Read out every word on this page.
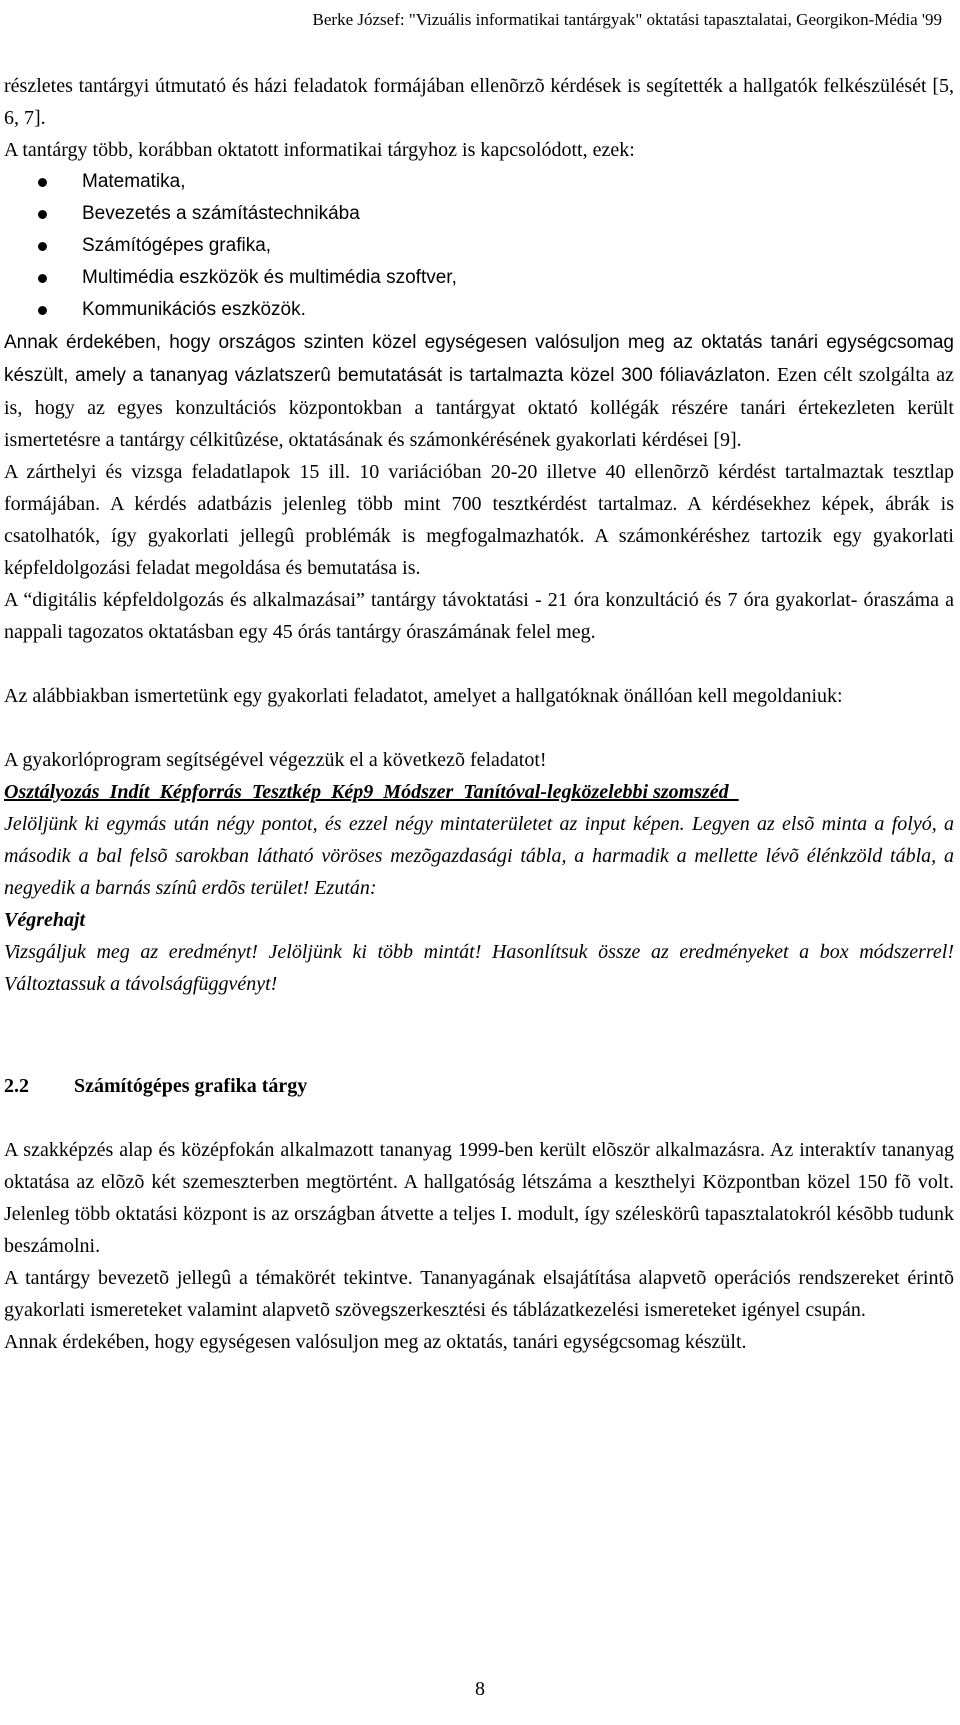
Berke József: "Vizuális informatikai tantárgyak" oktatási tapasztalatai, Georgikon-Média '99

részletes tantárgyi útmutató és házi feladatok formájában ellenõrzõ kérdések is segítették a hallgatók felkészülését [5, 6, 7].

A tantárgy több, korábban oktatott informatikai tárgyhoz is kapcsolódott, ezek:

Matematika,
Bevezetés a számítástechnikába
Számítógépes grafika,
Multimédia eszközök és multimédia szoftver,
Kommunikációs eszközök.

Annak érdekében, hogy országos szinten közel egységesen valósuljon meg az oktatás tanári egységcsomag készült, amely a tananyag vázlatszerû bemutatását is tartalmazta közel 300 fóliavázlaton. Ezen célt szolgálta az is, hogy az egyes konzultációs központokban a tantárgyat oktató kollégák részére tanári értekezleten került ismertetésre a tantárgy célkitûzése, oktatásának és számonkérésének gyakorlati kérdései [9].

A zárthelyi és vizsga feladatlapok 15 ill. 10 variációban 20-20 illetve 40 ellenõrzõ kérdést tartalmaztak tesztlap formájában. A kérdés adatbázis jelenleg több mint 700 tesztkérdést tartalmaz. A kérdésekhez képek, ábrák is csatolhatók, így gyakorlati jellegû problémák is megfogalmazhatók. A számonkéréshez tartozik egy gyakorlati képfeldolgozási feladat megoldása és bemutatása is.

A “digitális képfeldolgozás és alkalmazásai” tantárgy távoktatási - 21 óra konzultáció és 7 óra gyakorlat- óraszáma a nappali tagozatos oktatásban egy 45 órás tantárgy óraszámának felel meg.

Az alábbiakban ismertetünk egy gyakorlati feladatot, amelyet a hallgatóknak önállóan kell megoldaniuk:

A gyakorlóprogram segítségével végezzük el a következõ feladatot!

Osztályozás_Indít_Képforrás_Tesztkép_Kép9_Módszer_Tanítóval-legközelebbi szomszéd_

Jelöljünk ki egymás után négy pontot, és ezzel négy mintaterületet az input képen. Legyen az elsõ minta a folyó, a második a bal felsõ sarokban látható vöröses mezõgazdasági tábla, a harmadik a mellette lévõ élénkzöld tábla, a negyedik a barnás színû erdõs terület! Ezután:

Végrehajt

Vizsgáljuk meg az eredményt! Jelöljünk ki több mintát! Hasonlítsuk össze az eredményeket a box módszerrel! Változtassuk a távolságfüggvényt!

2.2 Számítógépes grafika tárgy

A szakképzés alap és középfokán alkalmazott tananyag 1999-ben került elõször alkalmazásra. Az interaktív tananyag oktatása az elõzõ két szemeszterben megtörtént. A hallgatóság létszáma a keszthelyi Központban közel 150 fõ volt. Jelenleg több oktatási központ is az országban átvette a teljes I. modult, így széleskörû tapasztalatokról késõbb tudunk beszámolni.

A tantárgy bevezetõ jellegû a témakörét tekintve. Tananyagának elsajátítása alapvetõ operációs rendszereket érintõ gyakorlati ismereteket valamint alapvetõ szövegszerkesztési és táblázatkezelési ismereteket igényel csupán.

Annak érdekében, hogy egységesen valósuljon meg az oktatás, tanári egységcsomag készült.

8
